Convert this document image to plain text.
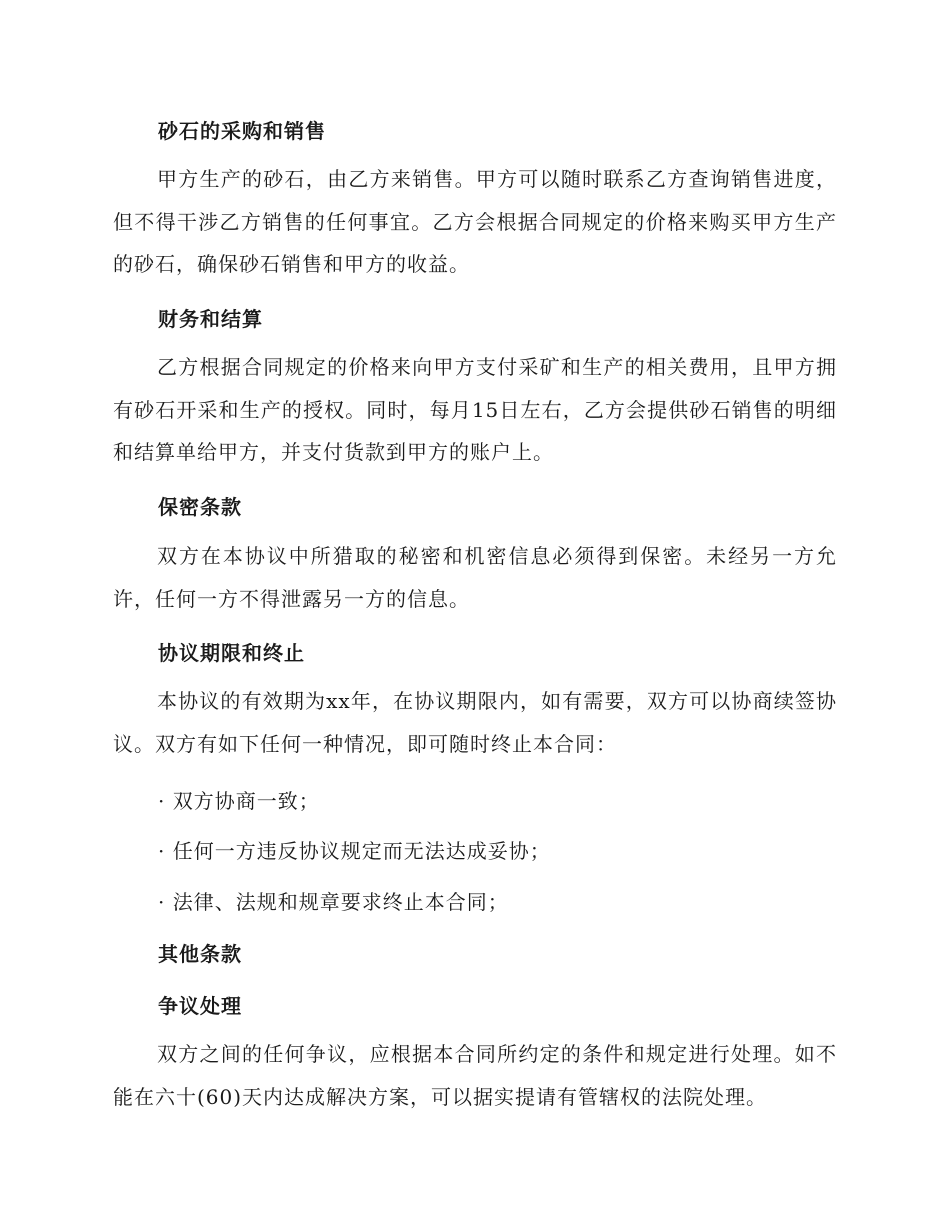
砂石的采购和销售

甲方生产的砂石，由乙方来销售。甲方可以随时联系乙方查询销售进度，但不得干涉乙方销售的任何事宜。乙方会根据合同规定的价格来购买甲方生产的砂石，确保砂石销售和甲方的收益。

财务和结算

乙方根据合同规定的价格来向甲方支付采矿和生产的相关费用，且甲方拥有砂石开采和生产的授权。同时，每月15日左右，乙方会提供砂石销售的明细和结算单给甲方，并支付货款到甲方的账户上。

保密条款

双方在本协议中所猎取的秘密和机密信息必须得到保密。未经另一方允许，任何一方不得泄露另一方的信息。

协议期限和终止

本协议的有效期为xx年，在协议期限内，如有需要，双方可以协商续签协议。双方有如下任何一种情况，即可随时终止本合同：

· 双方协商一致；
· 任何一方违反协议规定而无法达成妥协；
· 法律、法规和规章要求终止本合同；
其他条款
争议处理

双方之间的任何争议，应根据本合同所约定的条件和规定进行处理。如不能在六十(60)天内达成解决方案，可以据实提请有管辖权的法院处理。
